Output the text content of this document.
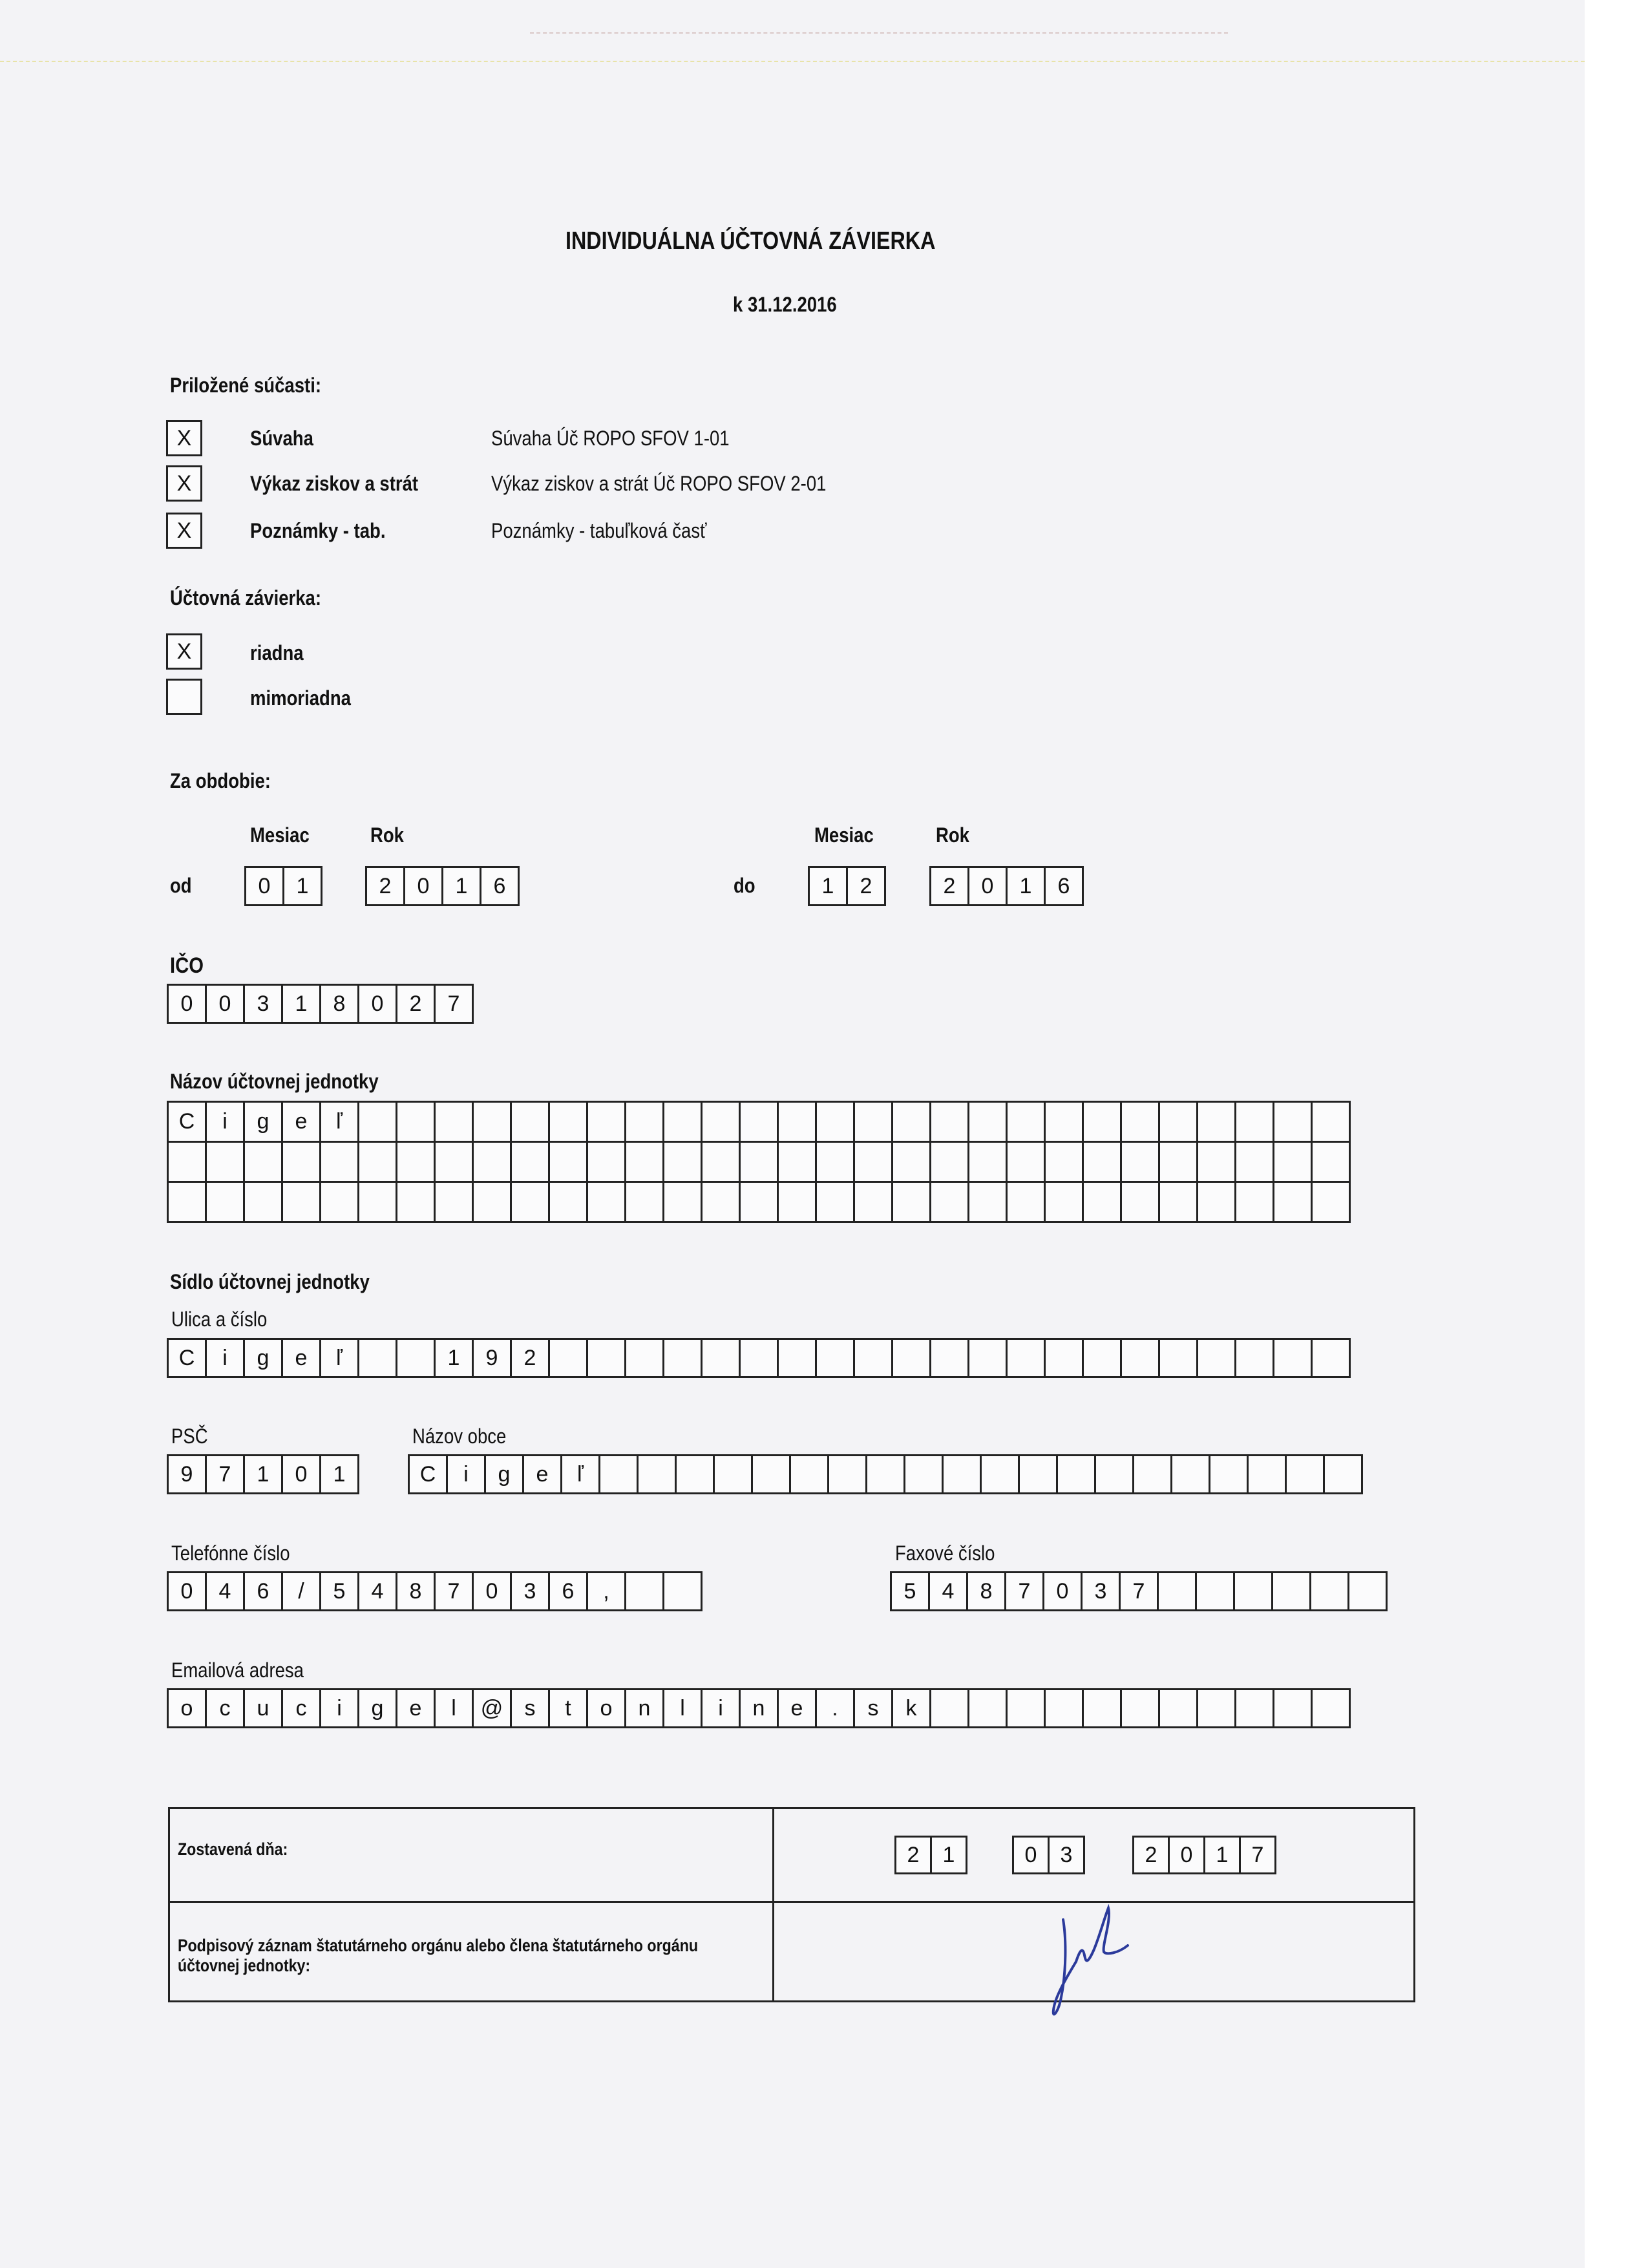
INDIVIDUÁLNA ÚČTOVNÁ ZÁVIERKA
k 31.12.2016
Priložené súčasti:
X	Súvaha	Súvaha Úč ROPO SFOV 1-01
X	Výkaz ziskov a strát	Výkaz ziskov a strát Úč ROPO SFOV 2-01
X	Poznámky - tab.	Poznámky - tabuľková časť
Účtovná závierka:
X	riadna
mimoriadna
Za obdobie:
Mesiac	Rok	Mesiac	Rok
od	0	1	2	0	1	6	do	1	2	2	0	1	6
IČO
0	0	3	1	8	0	2	7
Názov účtovnej jednotky
C	i	g	e	ľ
Sídlo účtovnej jednotky
Ulica a číslo
C	i	g	e	ľ	1	9	2
PSČ
9	7	1	0	1
Názov obce
C	i	g	e	ľ
Telefónne číslo
0	4	6	/	5	4	8	7	0	3	6	,
Faxové číslo
5	4	8	7	0	3	7
Emailová adresa
o	c	u	c	i	g	e	l	@ s	t	o	n	l	i	n	e	.	s	k
Zostavená dňa:	2	1	0	3	2	0	1	7
Podpisový záznam štatutárneho orgánu alebo člena štatutárneho orgánu účtovnej jednotky:
